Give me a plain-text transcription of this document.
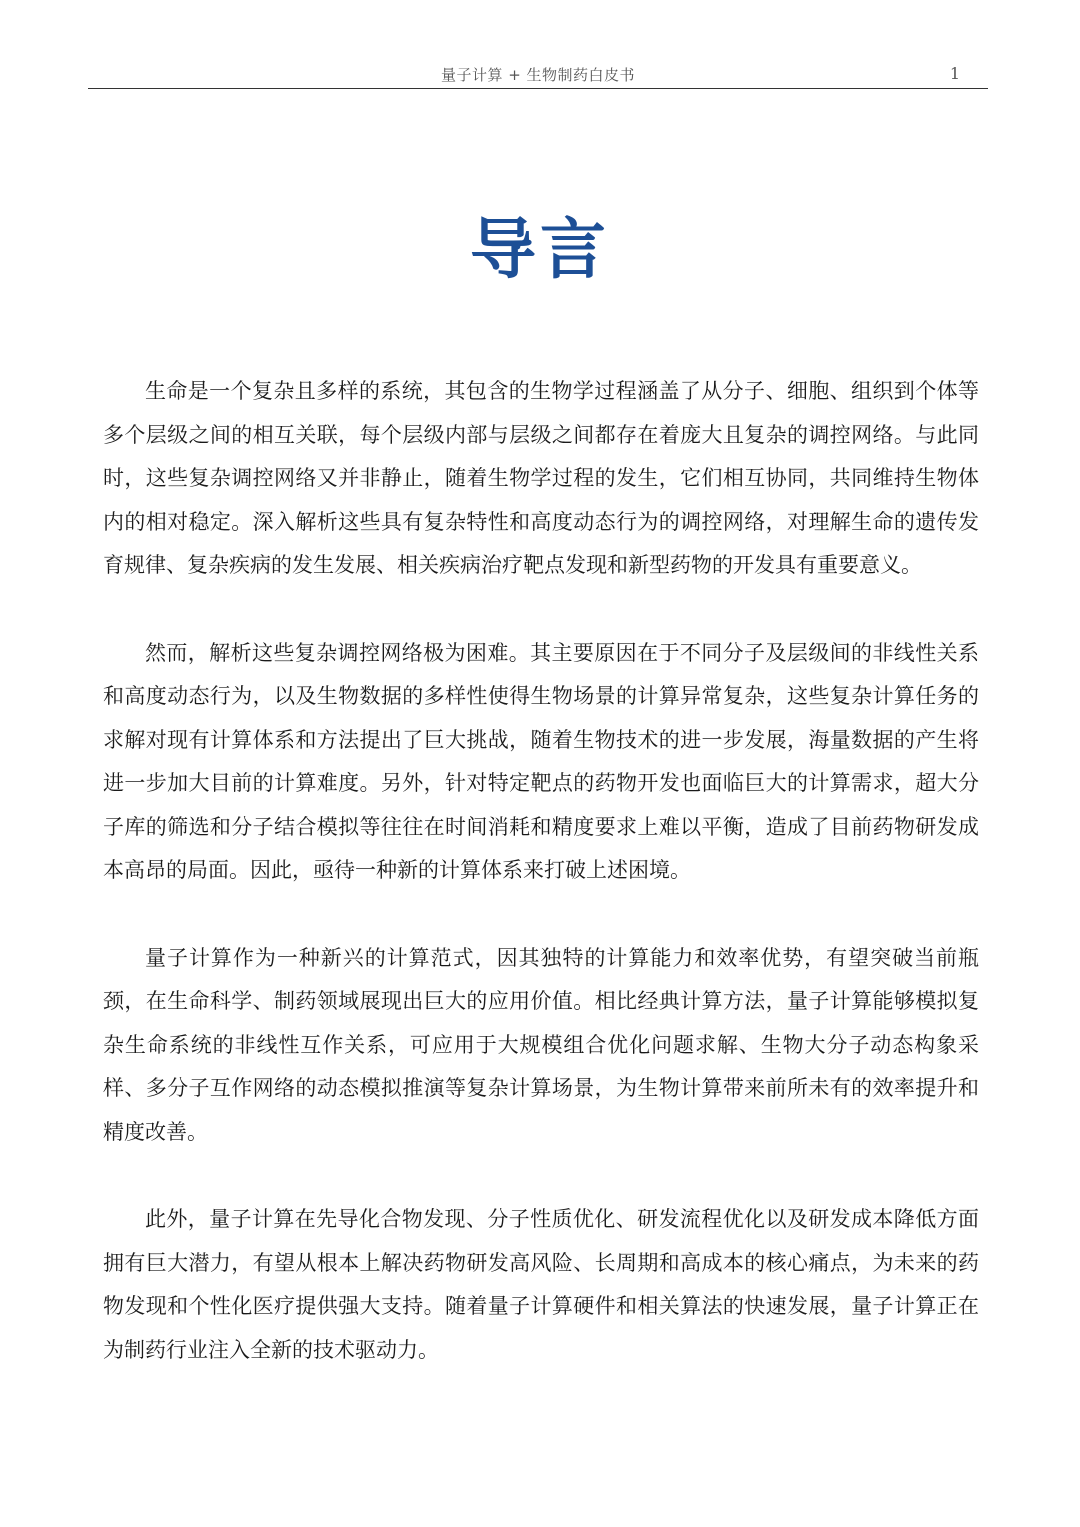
量子计算 + 生物制药白皮书	1
导言

生命是一个复杂且多样的系统，其包含的生物学过程涵盖了从分子、细胞、组织到个体等多个层级之间的相互关联，每个层级内部与层级之间都存在着庞大且复杂的调控网络。与此同时，这些复杂调控网络又并非静止，随着生物学过程的发生，它们相互协同，共同维持生物体内的相对稳定。深入解析这些具有复杂特性和高度动态行为的调控网络，对理解生命的遗传发育规律、复杂疾病的发生发展、相关疾病治疗靶点发现和新型药物的开发具有重要意义。

然而，解析这些复杂调控网络极为困难。其主要原因在于不同分子及层级间的非线性关系和高度动态行为，以及生物数据的多样性使得生物场景的计算异常复杂，这些复杂计算任务的求解对现有计算体系和方法提出了巨大挑战，随着生物技术的进一步发展，海量数据的产生将进一步加大目前的计算难度。另外，针对特定靶点的药物开发也面临巨大的计算需求，超大分子库的筛选和分子结合模拟等往往在时间消耗和精度要求上难以平衡，造成了目前药物研发成本高昂的局面。因此，亟待一种新的计算体系来打破上述困境。

量子计算作为一种新兴的计算范式，因其独特的计算能力和效率优势，有望突破当前瓶颈，在生命科学、制药领域展现出巨大的应用价值。相比经典计算方法，量子计算能够模拟复杂生命系统的非线性互作关系，可应用于大规模组合优化问题求解、生物大分子动态构象采样、多分子互作网络的动态模拟推演等复杂计算场景，为生物计算带来前所未有的效率提升和精度改善。

此外，量子计算在先导化合物发现、分子性质优化、研发流程优化以及研发成本降低方面拥有巨大潜力，有望从根本上解决药物研发高风险、长周期和高成本的核心痛点，为未来的药物发现和个性化医疗提供强大支持。随着量子计算硬件和相关算法的快速发展，量子计算正在为制药行业注入全新的技术驱动力。
